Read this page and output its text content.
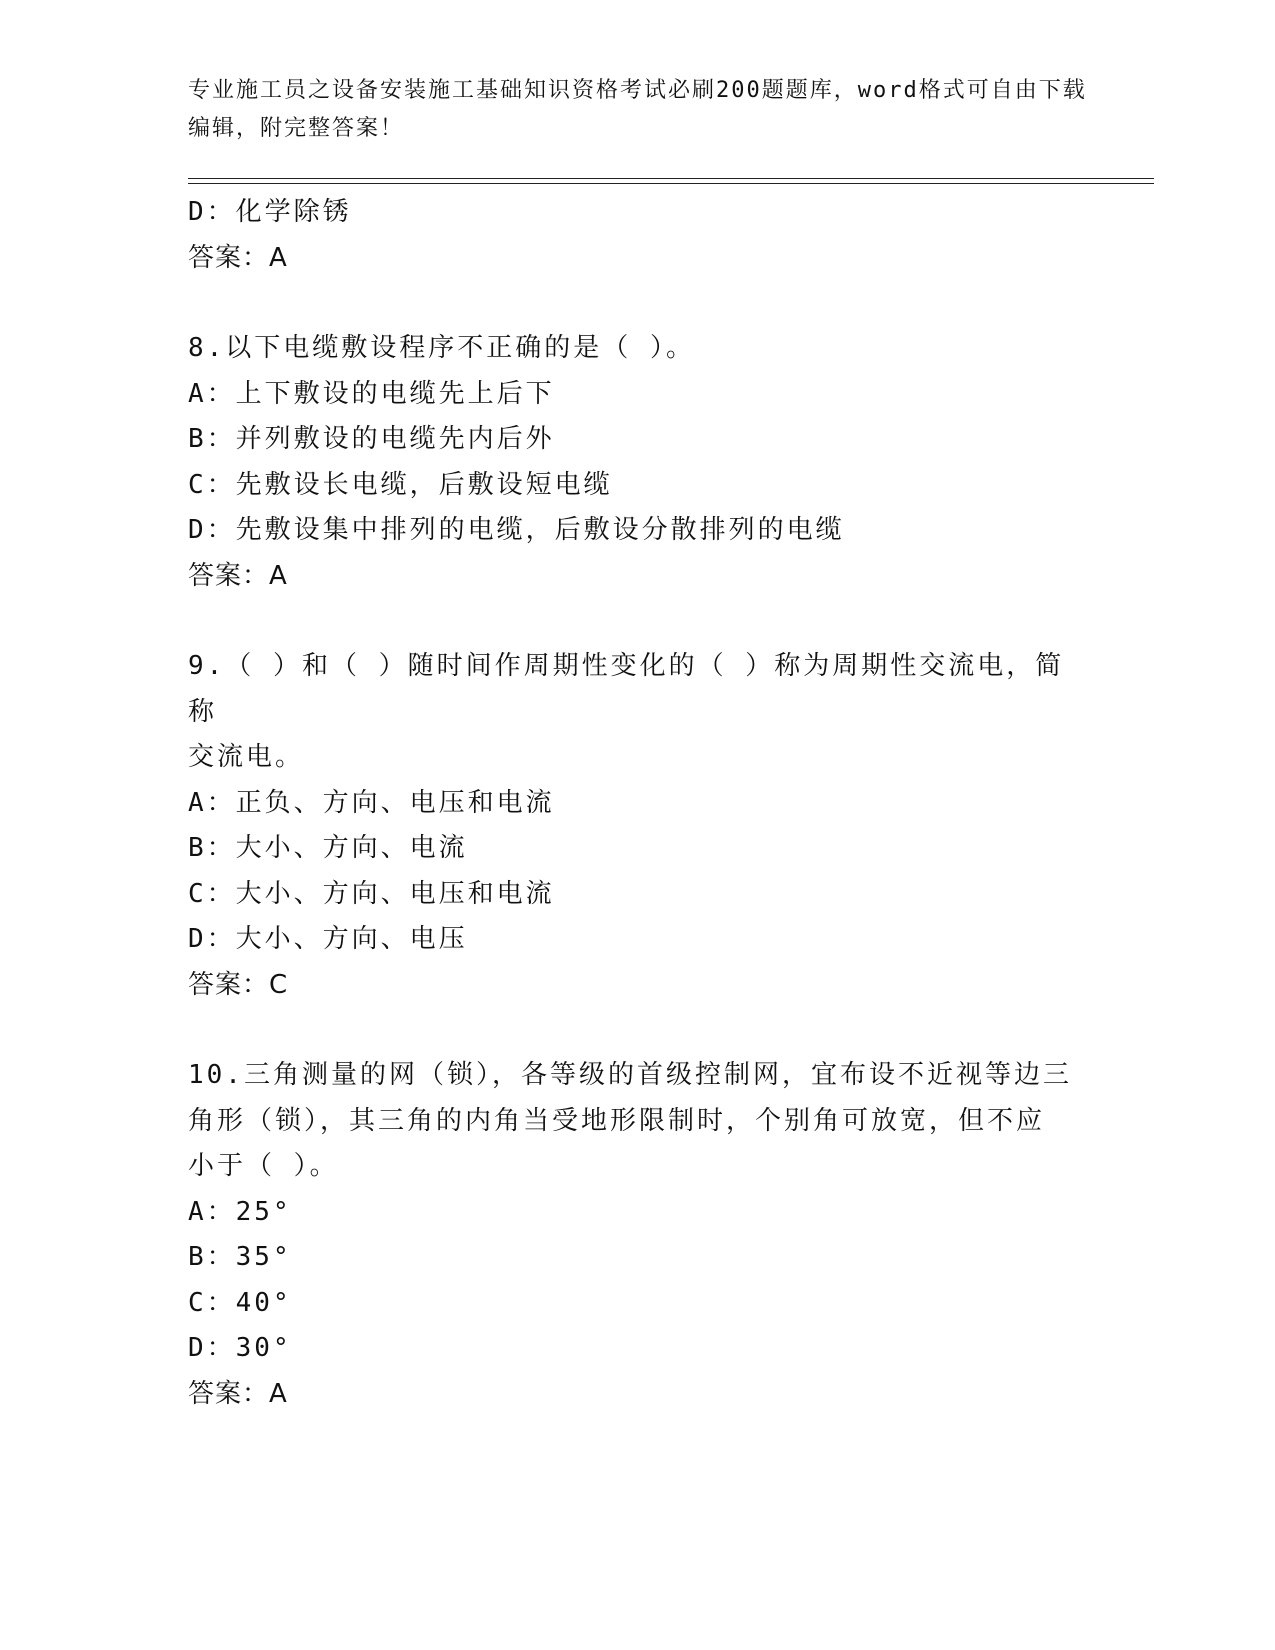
专业施工员之设备安装施工基础知识资格考试必刷200题题库，word格式可自由下载编辑，附完整答案！

D：化学除锈

答案：A

8.以下电缆敷设程序不正确的是（ ）。

A：上下敷设的电缆先上后下

B：并列敷设的电缆先内后外

C：先敷设长电缆，后敷设短电缆

D：先敷设集中排列的电缆，后敷设分散排列的电缆

答案：A

9.（ ）和（ ）随时间作周期性变化的（ ）称为周期性交流电，简称

交流电。

A：正负、方向、电压和电流

B：大小、方向、电流

C：大小、方向、电压和电流

D：大小、方向、电压

答案：C

10.三角测量的网（锁），各等级的首级控制网，宜布设不近视等边三

角形（锁），其三角的内角当受地形限制时，个别角可放宽，但不应

小于（ ）。

A：25°

B：35°

C：40°

D：30°

答案：A
